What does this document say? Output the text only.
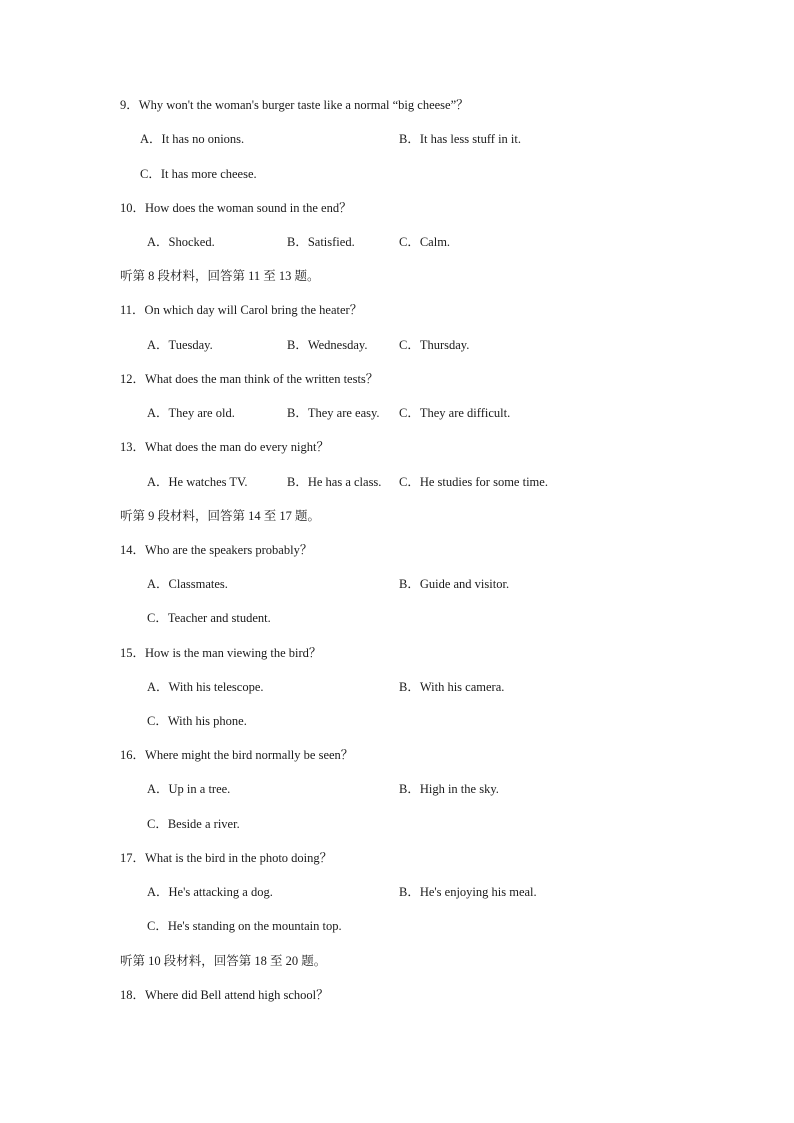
9．Why won't the woman's burger taste like a normal “big cheese”？
A．It has no onions.	B．It has less stuff in it.
C．It has more cheese.
10．How does the woman sound in the end？
A．Shocked.	B．Satisfied.	C．Calm.
听第 8 段材料，回答第 11 至 13 题。
11．On which day will Carol bring the heater？
A．Tuesday.	B．Wednesday.	C．Thursday.
12．What does the man think of the written tests？
A．They are old.	B．They are easy. C．They are difficult.
13．What does the man do every night？
A．He watches TV.	B．He has a class. C．He studies for some time.
听第 9 段材料，回答第 14 至 17 题。
14．Who are the speakers probably？
A．Classmates.	B．Guide and visitor.
C．Teacher and student.
15．How is the man viewing the bird？
A．With his telescope.	B．With his camera.
C．With his phone.
16．Where might the bird normally be seen？
A．Up in a tree.	B．High in the sky.
C．Beside a river.
17．What is the bird in the photo doing？
A．He's attacking a dog.	B．He's enjoying his meal.
C．He's standing on the mountain top.
听第 10 段材料，回答第 18 至 20 题。
18．Where did Bell attend high school？
